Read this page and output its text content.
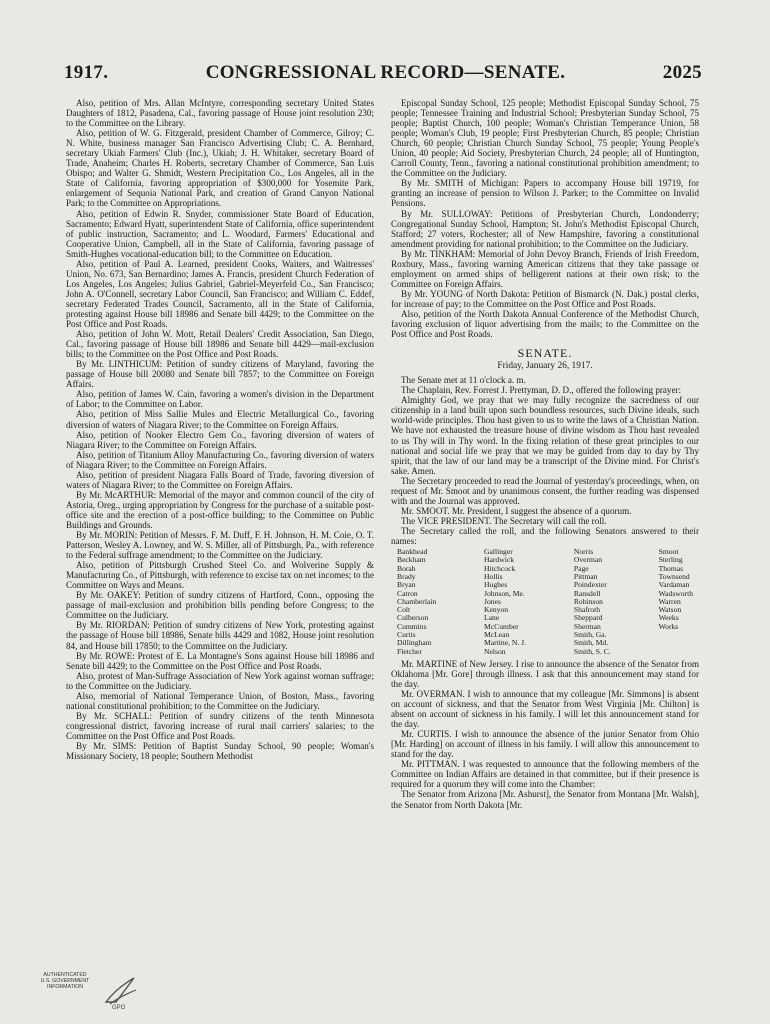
1917.	CONGRESSIONAL RECORD—SENATE.	2025

Also, petition of Mrs. Allan McIntyre, corresponding secretary United States Daughters of 1812, Pasadena, Cal., favoring passage of House joint resolution 230; to the Committee on the Library.

Also, petition of W. G. Fitzgerald, president Chamber of Commerce, Gilroy; C. N. White, business manager San Francisco Advertising Club; C. A. Bernhard, secretary Ukiah Farmers' Club (Inc.), Ukiah; J. H. Whitaker, secretary Board of Trade, Anaheim; Charles H. Roberts, secretary Chamber of Commerce, San Luis Obispo; and Walter G. Shmidt, Western Precipitation Co., Los Angeles, all in the State of California, favoring appropriation of $300,000 for Yosemite Park, enlargement of Sequoia National Park, and creation of Grand Canyon National Park; to the Committee on Appropriations.

Also, petition of Edwin R. Snyder, commissioner State Board of Education, Sacramento; Edward Hyatt, superintendent State of California, office superintendent of public instruction, Sacramento; and L. Woodard, Farmers' Educational and Cooperative Union, Campbell, all in the State of California, favoring passage of Smith-Hughes vocational-education bill; to the Committee on Education.

Also, petition of Paul A. Learned, president Cooks, Waiters, and Waitresses' Union, No. 673, San Bernardino; James A. Francis, president Church Federation of Los Angeles, Los Angeles; Julius Gabriel, Gabriel-Meyerfeld Co., San Francisco; John A. O'Connell, secretary Labor Council, San Francisco; and William C. Eddef, secretary Federated Trades Council, Sacramento, all in the State of California, protesting against House bill 18986 and Senate bill 4429; to the Committee on the Post Office and Post Roads.

Also, petition of John W. Mott, Retail Dealers' Credit Association, San Diego, Cal., favoring passage of House bill 18986 and Senate bill 4429—mail-exclusion bills; to the Committee on the Post Office and Post Roads.

By Mr. LINTHICUM: Petition of sundry citizens of Maryland, favoring the passage of House bill 20080 and Senate bill 7857; to the Committee on Foreign Affairs.

Also, petition of James W. Cain, favoring a women's division in the Department of Labor; to the Committee on Labor.

Also, petition of Miss Sallie Mules and Electric Metallurgical Co., favoring diversion of waters of Niagara River; to the Committee on Foreign Affairs.

Also, petition of Nooker Electro Gem Co., favoring diversion of waters of Niagara River; to the Committee on Foreign Affairs.

Also, petition of Titanium Alloy Manufacturing Co., favoring diversion of waters of Niagara River; to the Committee on Foreign Affairs.

Also, petition of president Niagara Falls Board of Trade, favoring diversion of waters of Niagara River; to the Committee on Foreign Affairs.

By Mr. McARTHUR: Memorial of the mayor and common council of the city of Astoria, Oreg., urging appropriation by Congress for the purchase of a suitable post-office site and the erection of a post-office building; to the Committee on Public Buildings and Grounds.

By Mr. MORIN: Petition of Messrs. F. M. Duff, F. H. Johnson, H. M. Coie, O. T. Patterson, Wesley A. Lowney, and W. S. Miller, all of Pittsburgh, Pa., with reference to the Federal suffrage amendment; to the Committee on the Judiciary.

Also, petition of Pittsburgh Crushed Steel Co. and Wolverine Supply & Manufacturing Co., of Pittsburgh, with reference to excise tax on net incomes; to the Committee on Ways and Means.

By Mr. OAKEY: Petition of sundry citizens of Hartford, Conn., opposing the passage of mail-exclusion and prohibition bills pending before Congress; to the Committee on the Judiciary.

By Mr. RIORDAN: Petition of sundry citizens of New York, protesting against the passage of House bill 18986, Senate bills 4429 and 1082, House joint resolution 84, and House bill 17850; to the Committee on the Judiciary.

By Mr. ROWE: Protest of E. La Montagne's Sons against House bill 18986 and Senate bill 4429; to the Committee on the Post Office and Post Roads.

Also, protest of Man-Suffrage Association of New York against woman suffrage; to the Committee on the Judiciary.

Also, memorial of National Temperance Union, of Boston, Mass., favoring national constitutional prohibition; to the Committee on the Judiciary.

By Mr. SCHALL: Petition of sundry citizens of the tenth Minnesota congressional district, favoring increase of rural mail carriers' salaries; to the Committee on the Post Office and Post Roads.

By Mr. SIMS: Petition of Baptist Sunday School, 90 people; Woman's Missionary Society, 18 people; Southern Methodist

Episcopal Sunday School, 125 people; Methodist Episcopal Sunday School, 75 people; Tennessee Training and Industrial School; Presbyterian Sunday School, 75 people; Baptist Church, 100 people; Woman's Christian Temperance Union, 58 people; Woman's Club, 19 people; First Presbyterian Church, 85 people; Christian Church, 60 people; Christian Church Sunday School, 75 people; Young People's Union, 40 people; Aid Society, Presbyterian Church, 24 people; all of Huntington, Carroll County, Tenn., favoring a national constitutional prohibition amendment; to the Committee on the Judiciary.

By Mr. SMITH of Michigan: Papers to accompany House bill 19719, for granting an increase of pension to Wilson J. Parker; to the Committee on Invalid Pensions.

By Mr. SULLOWAY: Petitions of Presbyterian Church, Londonderry; Congregational Sunday School, Hampton; St. John's Methodist Episcopal Church, Stafford; 27 voters, Rochester; all of New Hampshire, favoring a constitutional amendment providing for national prohibition; to the Committee on the Judiciary.

By Mr. TINKHAM: Memorial of John Devoy Branch, Friends of Irish Freedom, Roxbury, Mass., favoring warning American citizens that they take passage or employment on armed ships of belligerent nations at their own risk; to the Committee on Foreign Affairs.

By Mr. YOUNG of North Dakota: Petition of Bismarck (N. Dak.) postal clerks, for increase of pay; to the Committee on the Post Office and Post Roads.

Also, petition of the North Dakota Annual Conference of the Methodist Church, favoring exclusion of liquor advertising from the mails; to the Committee on the Post Office and Post Roads.

SENATE.
Friday, January 26, 1917.

The Senate met at 11 o'clock a. m.

The Chaplain, Rev. Forrest J. Prettyman, D. D., offered the following prayer:

Almighty God, we pray that we may fully recognize the sacredness of our citizenship in a land built upon such boundless resources, such Divine ideals, such world-wide principles. Thou hast given to us to write the laws of a Christian Nation. We have not exhausted the treasure house of divine wisdom as Thou hast revealed to us Thy will in Thy word. In the fixing relation of these great principles to our national and social life we pray that we may be guided from day to day by Thy spirit, that the law of our land may be a transcript of the Divine mind. For Christ's sake. Amen.

The Secretary proceeded to read the Journal of yesterday's proceedings, when, on request of Mr. Smoot and by unanimous consent, the further reading was dispensed with and the Journal was approved.

Mr. SMOOT. Mr. President, I suggest the absence of a quorum.

The VICE PRESIDENT. The Secretary will call the roll.

The Secretary called the roll, and the following Senators answered to their names:

Bankhead
Beckham
Borah
Brady
Bryan
Catron
Chamberlain
Colt
Culberson
Cummins
Curtis
Dillingham
Fletcher
Gallinger
Hardwick
Hitchcock
Hollis
Hughes
Johnson, Me.
Jones
Kenyon
Lane
McCumber
McLean
Martine, N. J.
Nelson
Norris
Overman
Page
Pittman
Poindexter
Ransdell
Robinson
Shafroth
Sheppard
Sherman
Smith, Ga.
Smith, Md.
Smith, S. C.
Smoot
Sterling
Thomas
Townsend
Vardaman
Wadsworth
Warren
Watson
Weeks
Works

Mr. MARTINE of New Jersey. I rise to announce the absence of the Senator from Oklahoma [Mr. Gore] through illness. I ask that this announcement may stand for the day.

Mr. OVERMAN. I wish to announce that my colleague [Mr. Simmons] is absent on account of sickness, and that the Senator from West Virginia [Mr. Chilton] is absent on account of sickness in his family. I will let this announcement stand for the day.

Mr. CURTIS. I wish to announce the absence of the junior Senator from Ohio [Mr. Harding] on account of illness in his family. I will allow this announcement to stand for the day.

Mr. PITTMAN. I was requested to announce that the following members of the Committee on Indian Affairs are detained in that committee, but if their presence is required for a quorum they will come into the Chamber:

The Senator from Arizona [Mr. Ashurst], the Senator from Montana [Mr. Walsh], the Senator from North Dakota [Mr.

AUTHENTICATED
U.S. GOVERNMENT
INFORMATION
GPO
